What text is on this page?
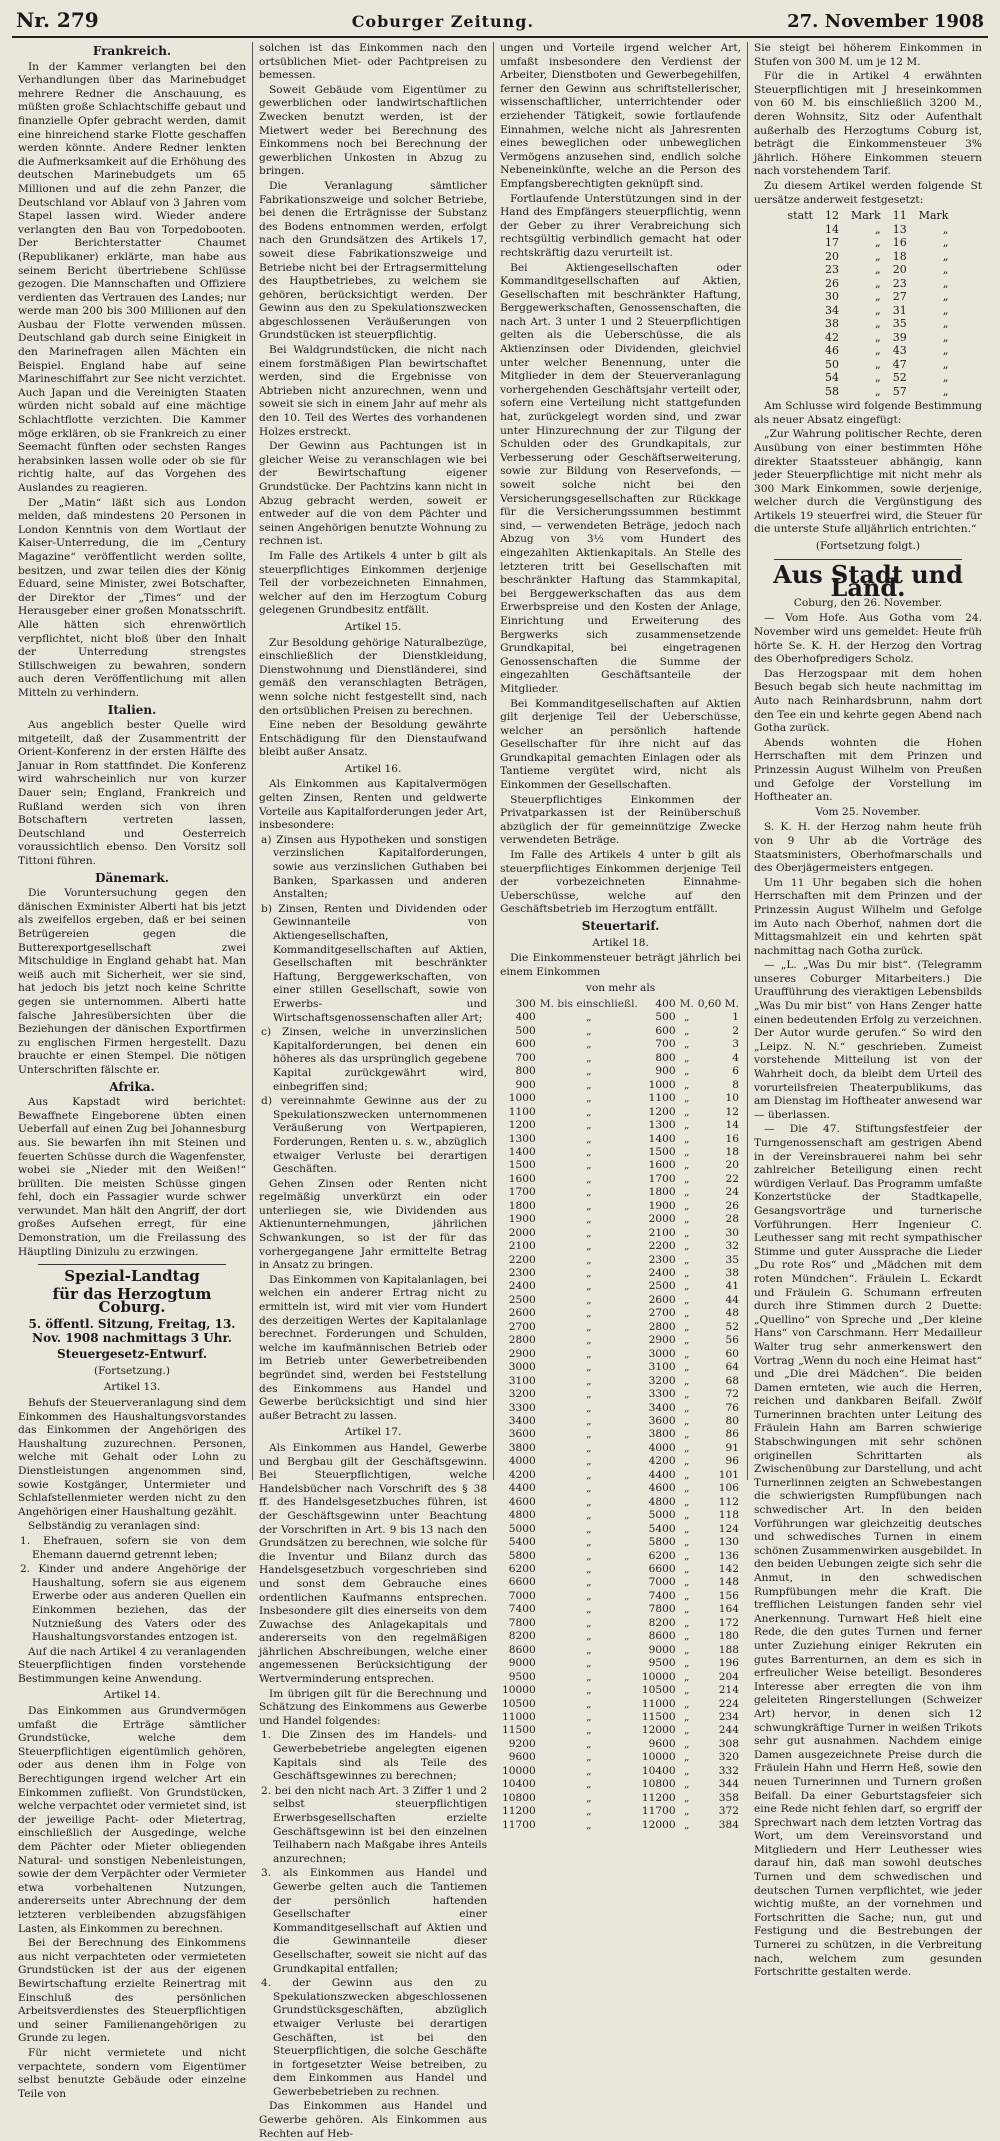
Nr. 279	Coburger Zeitung.	27. November 1908
Frankreich.

In der Kammer verlangten bei den Verhandlungen über das Marinebudget mehrere Redner die Anschauung, es müßten große Schlachtschiffe gebaut und finanzielle Opfer gebracht werden, damit eine hinreichend starke Flotte geschaffen werden könnte. Andere Redner lenkten die Aufmerksamkeit auf die Erhöhung des deutschen Marinebudgets um 65 Millionen und auf die zehn Panzer, die Deutschland vor Ablauf von 3 Jahren vom Stapel lassen wird. Wieder andere verlangten den Bau von Torpedobooten. Der Berichterstatter Chaumet (Republikaner) erklärte, man habe aus seinem Bericht übertriebene Schlüsse gezogen. Die Mannschaften und Offiziere verdienten das Vertrauen des Landes; nur werde man 200 bis 300 Millionen auf den Ausbau der Flotte verwenden müssen. Deutschland gab durch seine Einigkeit in den Marinefragen allen Mächten ein Beispiel. England habe auf seine Marineschiffahrt zur See nicht verzichtet. Auch Japan und die Vereinigten Staaten würden nicht sobald auf eine mächtige Schlachtflotte verzichten. Die Kammer möge erklären, ob sie Frankreich zu einer Seemacht fünften oder sechsten Ranges herabsinken lassen wolle oder ob sie für richtig halte, auf das Vorgehen des Auslandes zu reagieren.

Der „Matin“ läßt sich aus London melden, daß mindestens 20 Personen in London Kenntnis von dem Wortlaut der Kaiser-Unterredung, die im „Century Magazine“ veröffentlicht werden sollte, besitzen, und zwar teilen dies der König Eduard, seine Minister, zwei Botschafter, der Direktor der „Times“ und der Herausgeber einer großen Monatsschrift. Alle hätten sich ehrenwörtlich verpflichtet, nicht bloß über den Inhalt der Unterredung strengstes Stillschweigen zu bewahren, sondern auch deren Veröffentlichung mit allen Mitteln zu verhindern.

Italien.

Aus angeblich bester Quelle wird mitgeteilt, daß der Zusammentritt der Orient-Konferenz in der ersten Hälfte des Januar in Rom stattfindet. Die Konferenz wird wahrscheinlich nur von kurzer Dauer sein; England, Frankreich und Rußland werden sich von ihren Botschaftern vertreten lassen, Deutschland und Oesterreich voraussichtlich ebenso. Den Vorsitz soll Tittoni führen.

Dänemark.

Die Voruntersuchung gegen den dänischen Exminister Alberti hat bis jetzt als zweifellos ergeben, daß er bei seinen Betrügereien gegen die Butterexportgesellschaft zwei Mitschuldige in England gehabt hat. Man weiß auch mit Sicherheit, wer sie sind, hat jedoch bis jetzt noch keine Schritte gegen sie unternommen. Alberti hatte falsche Jahresübersichten über die Beziehungen der dänischen Exportfirmen zu englischen Firmen hergestellt. Dazu brauchte er einen Stempel. Die nötigen Unterschriften fälschte er.

Afrika.

Aus Kapstadt wird berichtet: Bewaffnete Eingeborene übten einen Ueberfall auf einen Zug bei Johannesburg aus. Sie bewarfen ihn mit Steinen und feuerten Schüsse durch die Wagenfenster, wobei sie „Nieder mit den Weißen!“ brüllten. Die meisten Schüsse gingen fehl, doch ein Passagier wurde schwer verwundet. Man hält den Angriff, der dort großes Aufsehen erregt, für eine Demonstration, um die Freilassung des Häuptling Dinizulu zu erzwingen.

Spezial-Landtag
für das Herzogtum Coburg.
5. öffentl. Sitzung, Freitag, 13. Nov. 1908 nachmittags 3 Uhr.
Steuergesetz-Entwurf.
(Fortsetzung.)
Artikel 13.

Behufs der Steuerveranlagung sind dem Einkommen des Haushaltungsvorstandes das Einkommen der Angehörigen des Haushaltung zuzurechnen. Personen, welche mit Gehalt oder Lohn zu Dienstleistungen angenommen sind, sowie Kostgänger, Untermieter und Schlafstellenmieter werden nicht zu den Angehörigen einer Haushaltung gezählt.

Selbständig zu veranlagen sind:

1. Ehefrauen, sofern sie von dem Ehemann dauernd getrennt leben;
2. Kinder und andere Angehörige der Haushaltung, sofern sie aus eigenem Erwerbe oder aus anderen Quellen ein Einkommen beziehen, das der Nutznießung des Vaters oder des Haushaltungsvorstandes entzogen ist.

Auf die nach Artikel 4 zu veranlagenden Steuerpflichtigen finden vorstehende Bestimmungen keine Anwendung.

Artikel 14.

Das Einkommen aus Grundvermögen umfaßt die Erträge sämtlicher Grundstücke, welche dem Steuerpflichtigen eigentümlich gehören, oder aus denen ihm in Folge von Berechtigungen irgend welcher Art ein Einkommen zufließt. Von Grundstücken, welche verpachtet oder vermietet sind, ist der jeweilige Pacht- oder Mietertrag, einschließlich der Ausgedinge, welche dem Pächter oder Mieter obliegenden Natural- und sonstigen Nebenleistungen, sowie der dem Verpächter oder Vermieter etwa vorbehaltenen Nutzungen, andererseits unter Abrechnung der dem letzteren verbleibenden abzugsfähigen Lasten, als Einkommen zu berechnen.

Bei der Berechnung des Einkommens aus nicht verpachteten oder vermieteten Grundstücken ist der aus der eigenen Bewirtschaftung erzielte Reinertrag mit Einschluß des persönlichen Arbeitsverdienstes des Steuerpflichtigen und seiner Familienangehörigen zu Grunde zu legen.

Für nicht vermietete und nicht verpachtete, sondern vom Eigentümer selbst benutzte Gebäude oder einzelne Teile von

solchen ist das Einkommen nach den ortsüblichen Miet- oder Pachtpreisen zu bemessen.

Soweit Gebäude vom Eigentümer zu gewerblichen oder landwirtschaftlichen Zwecken benutzt werden, ist der Mietwert weder bei Berechnung des Einkommens noch bei Berechnung der gewerblichen Unkosten in Abzug zu bringen.

Die Veranlagung sämtlicher Fabrikationszweige und solcher Betriebe, bei denen die Erträgnisse der Substanz des Bodens entnommen werden, erfolgt nach den Grundsätzen des Artikels 17, soweit diese Fabrikationszweige und Betriebe nicht bei der Ertragsermittelung des Hauptbetriebes, zu welchem sie gehören, berücksichtigt werden. Der Gewinn aus den zu Spekulationszwecken abgeschlossenen Veräußerungen von Grundstücken ist steuerpflichtig.

Bei Waldgrundstücken, die nicht nach einem forstmäßigen Plan bewirtschaftet werden, sind die Ergebnisse von Abtrieben nicht anzurechnen, wenn und soweit sie sich in einem Jahr auf mehr als den 10. Teil des Wertes des vorhandenen Holzes erstreckt.

Der Gewinn aus Pachtungen ist in gleicher Weise zu veranschlagen wie bei der Bewirtschaftung eigener Grundstücke. Der Pachtzins kann nicht in Abzug gebracht werden, soweit er entweder auf die von dem Pächter und seinen Angehörigen benutzte Wohnung zu rechnen ist.

Im Falle des Artikels 4 unter b gilt als steuerpflichtiges Einkommen derjenige Teil der vorbezeichneten Einnahmen, welcher auf den im Herzogtum Coburg gelegenen Grundbesitz entfällt.

Artikel 15.

Zur Besoldung gehörige Naturalbezüge, einschließlich der Dienstkleidung, Dienstwohnung und Dienstländerei, sind gemäß den veranschlagten Beträgen, wenn solche nicht festgestellt sind, nach den ortsüblichen Preisen zu berechnen.

Eine neben der Besoldung gewährte Entschädigung für den Dienstaufwand bleibt außer Ansatz.

Artikel 16.

Als Einkommen aus Kapitalvermögen gelten Zinsen, Renten und geldwerte Vorteile aus Kapitalforderungen jeder Art, insbesondere:

a) Zinsen aus Hypotheken und sonstigen verzinslichen Kapitalforderungen, sowie aus verzinslichen Guthaben bei Banken, Sparkassen und anderen Anstalten;
b) Zinsen, Renten und Dividenden oder Gewinnanteile von Aktiengesellschaften, Kommanditgesellschaften auf Aktien, Gesellschaften mit beschränkter Haftung, Berggewerkschaften, von einer stillen Gesellschaft, sowie von Erwerbs- und Wirtschaftsgenossenschaften aller Art;
c) Zinsen, welche in unverzinslichen Kapitalforderungen, bei denen ein höheres als das ursprünglich gegebene Kapital zurückgewährt wird, einbegriffen sind;
d) vereinnahmte Gewinne aus der zu Spekulationszwecken unternommenen Veräußerung von Wertpapieren, Forderungen, Renten u. s. w., abzüglich etwaiger Verluste bei derartigen Geschäften.

Gehen Zinsen oder Renten nicht regelmäßig unverkürzt ein oder unterliegen sie, wie Dividenden aus Aktienunternehmungen, jährlichen Schwankungen, so ist der für das vorhergegangene Jahr ermittelte Betrag in Ansatz zu bringen.

Das Einkommen von Kapitalanlagen, bei welchen ein anderer Ertrag nicht zu ermitteln ist, wird mit vier vom Hundert des derzeitigen Wertes der Kapitalanlage berechnet. Forderungen und Schulden, welche im kaufmännischen Betrieb oder im Betrieb unter Gewerbetreibenden begründet sind, werden bei Feststellung des Einkommens aus Handel und Gewerbe berücksichtigt und sind hier außer Betracht zu lassen.

Artikel 17.

Als Einkommen aus Handel, Gewerbe und Bergbau gilt der Geschäftsgewinn. Bei Steuerpflichtigen, welche Handelsbücher nach Vorschrift des § 38 ff. des Handelsgesetzbuches führen, ist der Geschäftsgewinn unter Beachtung der Vorschriften in Art. 9 bis 13 nach den Grundsätzen zu berechnen, wie solche für die Inventur und Bilanz durch das Handelsgesetzbuch vorgeschrieben sind und sonst dem Gebrauche eines ordentlichen Kaufmanns entsprechen. Insbesondere gilt dies einerseits von dem Zuwachse des Anlagekapitals und andererseits von den regelmäßigen jährlichen Abschreibungen, welche einer angemessenen Berücksichtigung der Wertverminderung entsprechen.

Im übrigen gilt für die Berechnung und Schätzung des Einkommens aus Gewerbe und Handel folgendes:

1. Die Zinsen des im Handels- und Gewerbebetriebe angelegten eigenen Kapitals sind als Teile des Geschäftsgewinnes zu berechnen;
2. bei den nicht nach Art. 3 Ziffer 1 und 2 selbst steuerpflichtigen Erwerbsgesellschaften erzielte Geschäftsgewinn ist bei den einzelnen Teilhabern nach Maßgabe ihres Anteils anzurechnen;
3. als Einkommen aus Handel und Gewerbe gelten auch die Tantiemen der persönlich haftenden Gesellschafter einer Kommanditgesellschaft auf Aktien und die Gewinnanteile dieser Gesellschafter, soweit sie nicht auf das Grundkapital entfallen;
4. der Gewinn aus den zu Spekulationszwecken abgeschlossenen Grundstücksgeschäften, abzüglich etwaiger Verluste bei derartigen Geschäften, ist bei den Steuerpflichtigen, die solche Geschäfte in fortgesetzter Weise betreiben, zu dem Einkommen aus Handel und Gewerbebetrieben zu rechnen.

Das Einkommen aus Handel und Gewerbe gehören. Als Einkommen aus Rechten auf Heb-

ungen und Vorteile irgend welcher Art, umfaßt insbesondere den Verdienst der Arbeiter, Dienstboten und Gewerbegehilfen, ferner den Gewinn aus schriftstellerischer, wissenschaftlicher, unterrichtender oder erziehender Tätigkeit, sowie fortlaufende Einnahmen, welche nicht als Jahresrenten eines beweglichen oder unbeweglichen Vermögens anzusehen sind, endlich solche Nebeneinkünfte, welche an die Person des Empfangsberechtigten geknüpft sind.

Fortlaufende Unterstützungen sind in der Hand des Empfängers steuerpflichtig, wenn der Geber zu ihrer Verabreichung sich rechtsgültig verbindlich gemacht hat oder rechtskräftig dazu verurteilt ist.

Bei Aktiengesellschaften oder Kommanditgesellschaften auf Aktien, Gesellschaften mit beschränkter Haftung, Berggewerkschaften, Genossenschaften, die nach Art. 3 unter 1 und 2 Steuerpflichtigen gelten als die Ueberschüsse, die als Aktienzinsen oder Dividenden, gleichviel unter welcher Benennung, unter die Mitglieder in dem der Steuerveranlagung vorhergehenden Geschäftsjahr verteilt oder, sofern eine Verteilung nicht stattgefunden hat, zurückgelegt worden sind, und zwar unter Hinzurechnung der zur Tilgung der Schulden oder des Grundkapitals, zur Verbesserung oder Geschäftserweiterung, sowie zur Bildung von Reservefonds, — soweit solche nicht bei den Versicherungsgesellschaften zur Rückkage für die Versicherungssummen bestimmt sind, — verwendeten Beträge, jedoch nach Abzug von 3½ vom Hundert des eingezahlten Aktienkapitals. An Stelle des letzteren tritt bei Gesellschaften mit beschränkter Haftung das Stammkapital, bei Berggewerkschaften das aus dem Erwerbspreise und den Kosten der Anlage, Einrichtung und Erweiterung des Bergwerks sich zusammensetzende Grundkapital, bei eingetragenen Genossenschaften die Summe der eingezahlten Geschäftsanteile der Mitglieder.

Bei Kommanditgesellschaften auf Aktien gilt derjenige Teil der Ueberschüsse, welcher an persönlich haftende Gesellschafter für ihre nicht auf das Grundkapital gemachten Einlagen oder als Tantieme vergütet wird, nicht als Einkommen der Gesellschaften.

Steuerpflichtiges Einkommen der Privatparkassen ist der Reinüberschuß abzüglich der für gemeinnützige Zwecke verwendeten Beträge.

Im Falle des Artikels 4 unter b gilt als steuerpflichtiges Einkommen derjenige Teil der vorbezeichneten Einnahme-Ueberschüsse, welche auf den Geschäftsbetrieb im Herzogtum entfällt.

Steuertarif.
Artikel 18.

Die Einkommensteuer beträgt jährlich bei einem Einkommen

von mehr als
300	M. bis einschließl.	400	M.	0,60 M.
400	„	500	„	1
500	„	600	„	2
600	„	700	„	3
700	„	800	„	4
800	„	900	„	6
900	„	1000	„	8
1000	„	1100	„	10
1100	„	1200	„	12
1200	„	1300	„	14
1300	„	1400	„	16
1400	„	1500	„	18
1500	„	1600	„	20
1600	„	1700	„	22
1700	„	1800	„	24
1800	„	1900	„	26
1900	„	2000	„	28
2000	„	2100	„	30
2100	„	2200	„	32
2200	„	2300	„	35
2300	„	2400	„	38
2400	„	2500	„	41
2500	„	2600	„	44
2600	„	2700	„	48
2700	„	2800	„	52
2800	„	2900	„	56
2900	„	3000	„	60
3000	„	3100	„	64
3100	„	3200	„	68
3200	„	3300	„	72
3300	„	3400	„	76
3400	„	3600	„	80
3600	„	3800	„	86
3800	„	4000	„	91
4000	„	4200	„	96
4200	„	4400	„	101
4400	„	4600	„	106
4600	„	4800	„	112
4800	„	5000	„	118
5000	„	5400	„	124
5400	„	5800	„	130
5800	„	6200	„	136
6200	„	6600	„	142
6600	„	7000	„	148
7000	„	7400	„	156
7400	„	7800	„	164
7800	„	8200	„	172
8200	„	8600	„	180
8600	„	9000	„	188
9000	„	9500	„	196
9500	„	10000	„	204
10000	„	10500	„	214
10500	„	11000	„	224
11000	„	11500	„	234
11500	„	12000	„	244
9200	„	9600	„	308
9600	„	10000	„	320
10000	„	10400	„	332
10400	„	10800	„	344
10800	„	11200	„	358
11200	„	11700	„	372
11700	„	12000	„	384

Sie steigt bei höherem Einkommen in Stufen von 300 M. um je 12 M.

Für die in Artikel 4 erwähnten Steuerpflichtigen mit J hreseinkommen von 60 M. bis einschließlich 3200 M., deren Wohnsitz, Sitz oder Aufenthalt außerhalb des Herzogtums Coburg ist, beträgt die Einkommensteuer 3% jährlich. Höhere Einkommen steuern nach vorstehendem Tarif.

Zu diesem Artikel werden folgende St uersätze anderweit festgesetzt:

statt	12	Mark	11	Mark
	14	„	13	„
	17	„	16	„
	20	„	18	„
	23	„	20	„
	26	„	23	„
	30	„	27	„
	34	„	31	„
	38	„	35	„
	42	„	39	„
	46	„	43	„
	50	„	47	„
	54	„	52	„
	58	„	57	„

Am Schlusse wird folgende Bestimmung als neuer Absatz eingefügt:

„Zur Wahrung politischer Rechte, deren Ausübung von einer bestimmten Höhe direkter Staatssteuer abhängig, kann jeder Steuerpflichtige mit nicht mehr als 300 Mark Einkommen, sowie derjenige, welcher durch die Vergünstigung des Artikels 19 steuerfrei wird, die Steuer für die unterste Stufe alljährlich entrichten.“

(Fortsetzung folgt.)
Aus Stadt und Land.
Coburg, den 26. November.

— Vom Hofe. Aus Gotha vom 24. November wird uns gemeldet: Heute früh hörte Se. K. H. der Herzog den Vortrag des Oberhofpredigers Scholz.

Das Herzogspaar mit dem hohen Besuch begab sich heute nachmittag im Auto nach Reinhardsbrunn, nahm dort den Tee ein und kehrte gegen Abend nach Gotha zurück.

Abends wohnten die Hohen Herrschaften mit dem Prinzen und Prinzessin August Wilhelm von Preußen und Gefolge der Vorstellung im Hoftheater an.

Vom 25. November.

S. K. H. der Herzog nahm heute früh von 9 Uhr ab die Vorträge des Staatsministers, Oberhofmarschalls und des Oberjägermeisters entgegen.

Um 11 Uhr begaben sich die hohen Herrschaften mit dem Prinzen und der Prinzessin August Wilhelm und Gefolge im Auto nach Oberhof, nahmen dort die Mittagsmahlzeit ein und kehrten spät nachmittag nach Gotha zurück.

— „L. „Was Du mir bist“. (Telegramm unseres Coburger Mitarbeiters.) Die Uraufführung des vieraktigen Lebensbilds „Was Du mir bist“ von Hans Zenger hatte einen bedeutenden Erfolg zu verzeichnen. Der Autor wurde gerufen.“ So wird den „Leipz. N. N.“ geschrieben. Zumeist vorstehende Mitteilung ist von der Wahrheit doch, da bleibt dem Urteil des vorurteilsfreien Theaterpublikums, das am Dienstag im Hoftheater anwesend war — überlassen.

— Die 47. Stiftungsfestfeier der Turngenossenschaft am gestrigen Abend in der Vereinsbrauerei nahm bei sehr zahlreicher Beteiligung einen recht würdigen Verlauf. Das Programm umfaßte Konzertstücke der Stadtkapelle, Gesangsvorträge und turnerische Vorführungen. Herr Ingenieur C. Leuthesser sang mit recht sympathischer Stimme und guter Aussprache die Lieder „Du rote Ros“ und „Mädchen mit dem roten Mündchen“. Fräulein L. Eckardt und Fräulein G. Schumann erfreuten durch ihre Stimmen durch 2 Duette: „Quellino“ von Spreche und „Der kleine Hans“ von Carschmann. Herr Medailleur Walter trug sehr anmerkenswert den Vortrag „Wenn du noch eine Heimat hast“ und „Die drei Mädchen“. Die beiden Damen ernteten, wie auch die Herren, reichen und dankbaren Beifall. Zwölf Turnerinnen brachten unter Leitung des Fräulein Hahn am Barren schwierige Stabschwingungen mit sehr schönen originellen Schrittarten als Zwischenübung zur Darstellung, und acht Turnerlinnen zeigten an Schwebestangen die schwierigsten Rumpfübungen nach schwedischer Art. In den beiden Vorführungen war gleichzeitig deutsches und schwedisches Turnen in einem schönen Zusammenwirken ausgebildet. In den beiden Uebungen zeigte sich sehr die Anmut, in den schwedischen Rumpfübungen mehr die Kraft. Die trefflichen Leistungen fanden sehr viel Anerkennung. Turnwart Heß hielt eine Rede, die den gutes Turnen und ferner unter Zuziehung einiger Rekruten ein gutes Barrenturnen, an dem es sich in erfreulicher Weise beteiligt. Besonderes Interesse aber erregten die von ihm geleiteten Ringerstellungen (Schweizer Art) hervor, in denen sich 12 schwungkräftige Turner in weißen Trikots sehr gut ausnahmen. Nachdem einige Damen ausgezeichnete Preise durch die Fräulein Hahn und Herrn Heß, sowie den neuen Turnerinnen und Turnern großen Beifall. Da einer Geburtstagsfeier sich eine Rede nicht fehlen darf, so ergriff der Sprechwart nach dem letzten Vortrag das Wort, um dem Vereinsvorstand und Mitgliedern und Herr Leuthesser wies darauf hin, daß man sowohl deutsches Turnen und dem schwedischen und deutschen Turnen verpflichtet, wie jeder wichtig mußte, an der vornehmen und Fortschritten die Sache; nun, gut und Festigung und die Bestrebungen der Turnerei zu schützen, in die Verbreitung nach, welchem zum gesunden Fortschritte gestalten werde.
